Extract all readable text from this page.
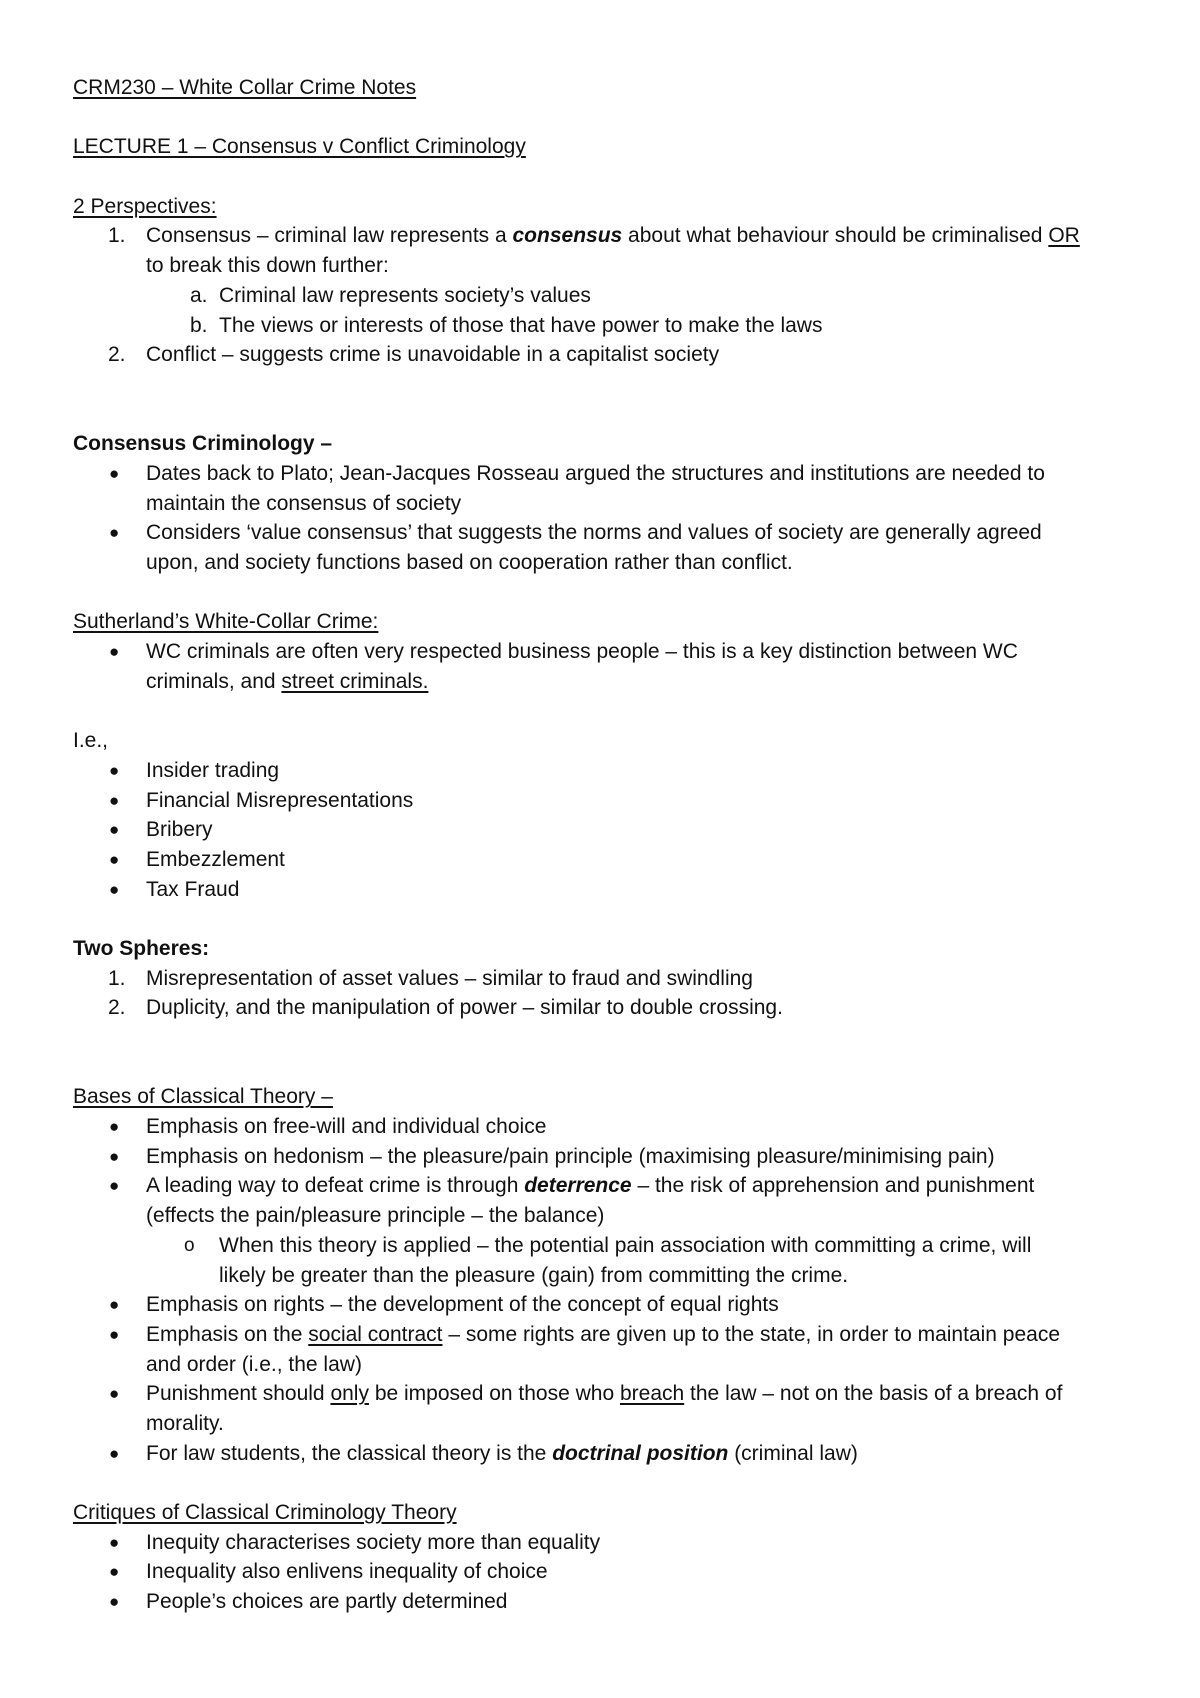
CRM230 – White Collar Crime Notes
LECTURE 1 – Consensus v Conflict Criminology
2 Perspectives:
1. Consensus – criminal law represents a consensus about what behaviour should be criminalised OR
to break this down further:
a. Criminal law represents society’s values
b. The views or interests of those that have power to make the laws
2. Conflict – suggests crime is unavoidable in a capitalist society
Consensus Criminology –
● Dates back to Plato; Jean-Jacques Rosseau argued the structures and institutions are needed to
maintain the consensus of society
● Considers ‘value consensus’ that suggests the norms and values of society are generally agreed
upon, and society functions based on cooperation rather than conflict.
Sutherland’s White-Collar Crime:
● WC criminals are often very respected business people – this is a key distinction between WC
criminals, and street criminals.
I.e.,
● Insider trading
● Financial Misrepresentations
● Bribery
● Embezzlement
● Tax Fraud
Two Spheres:
1. Misrepresentation of asset values – similar to fraud and swindling
2. Duplicity, and the manipulation of power – similar to double crossing.
Bases of Classical Theory –
● Emphasis on free-will and individual choice
● Emphasis on hedonism – the pleasure/pain principle (maximising pleasure/minimising pain)
● A leading way to defeat crime is through deterrence – the risk of apprehension and punishment
(effects the pain/pleasure principle – the balance)
o When this theory is applied – the potential pain association with committing a crime, will
likely be greater than the pleasure (gain) from committing the crime.
● Emphasis on rights – the development of the concept of equal rights
● Emphasis on the social contract – some rights are given up to the state, in order to maintain peace
and order (i.e., the law)
● Punishment should only be imposed on those who breach the law – not on the basis of a breach of
morality.
● For law students, the classical theory is the doctrinal position (criminal law)
Critiques of Classical Criminology Theory
● Inequity characterises society more than equality
● Inequality also enlivens inequality of choice
● People’s choices are partly determined
